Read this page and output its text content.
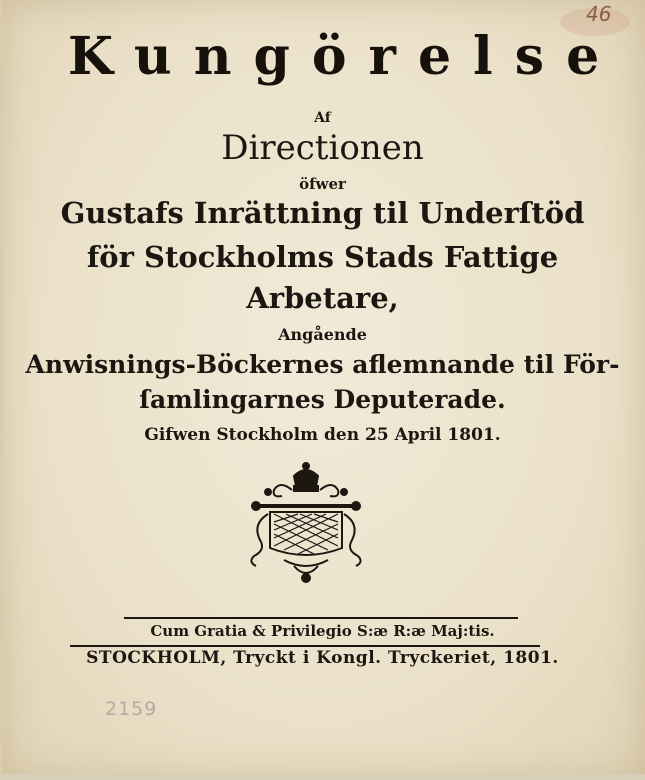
46
Kungörelse
Af
Directionen
öfwer
Gustafs Inrättning til Underſtöd
för Stockholms Stads Fattige
Arbetare,
Angående
Anwisnings-Böckernes aflemnande til För-
ſamlingarnes Deputerade.
Gifwen Stockholm den 25 April 1801.
Cum Gratia & Privilegio S:æ R:æ Maj:tis.
STOCKHOLM, Tryckt i Kongl. Tryckeriet, 1801.
2159
